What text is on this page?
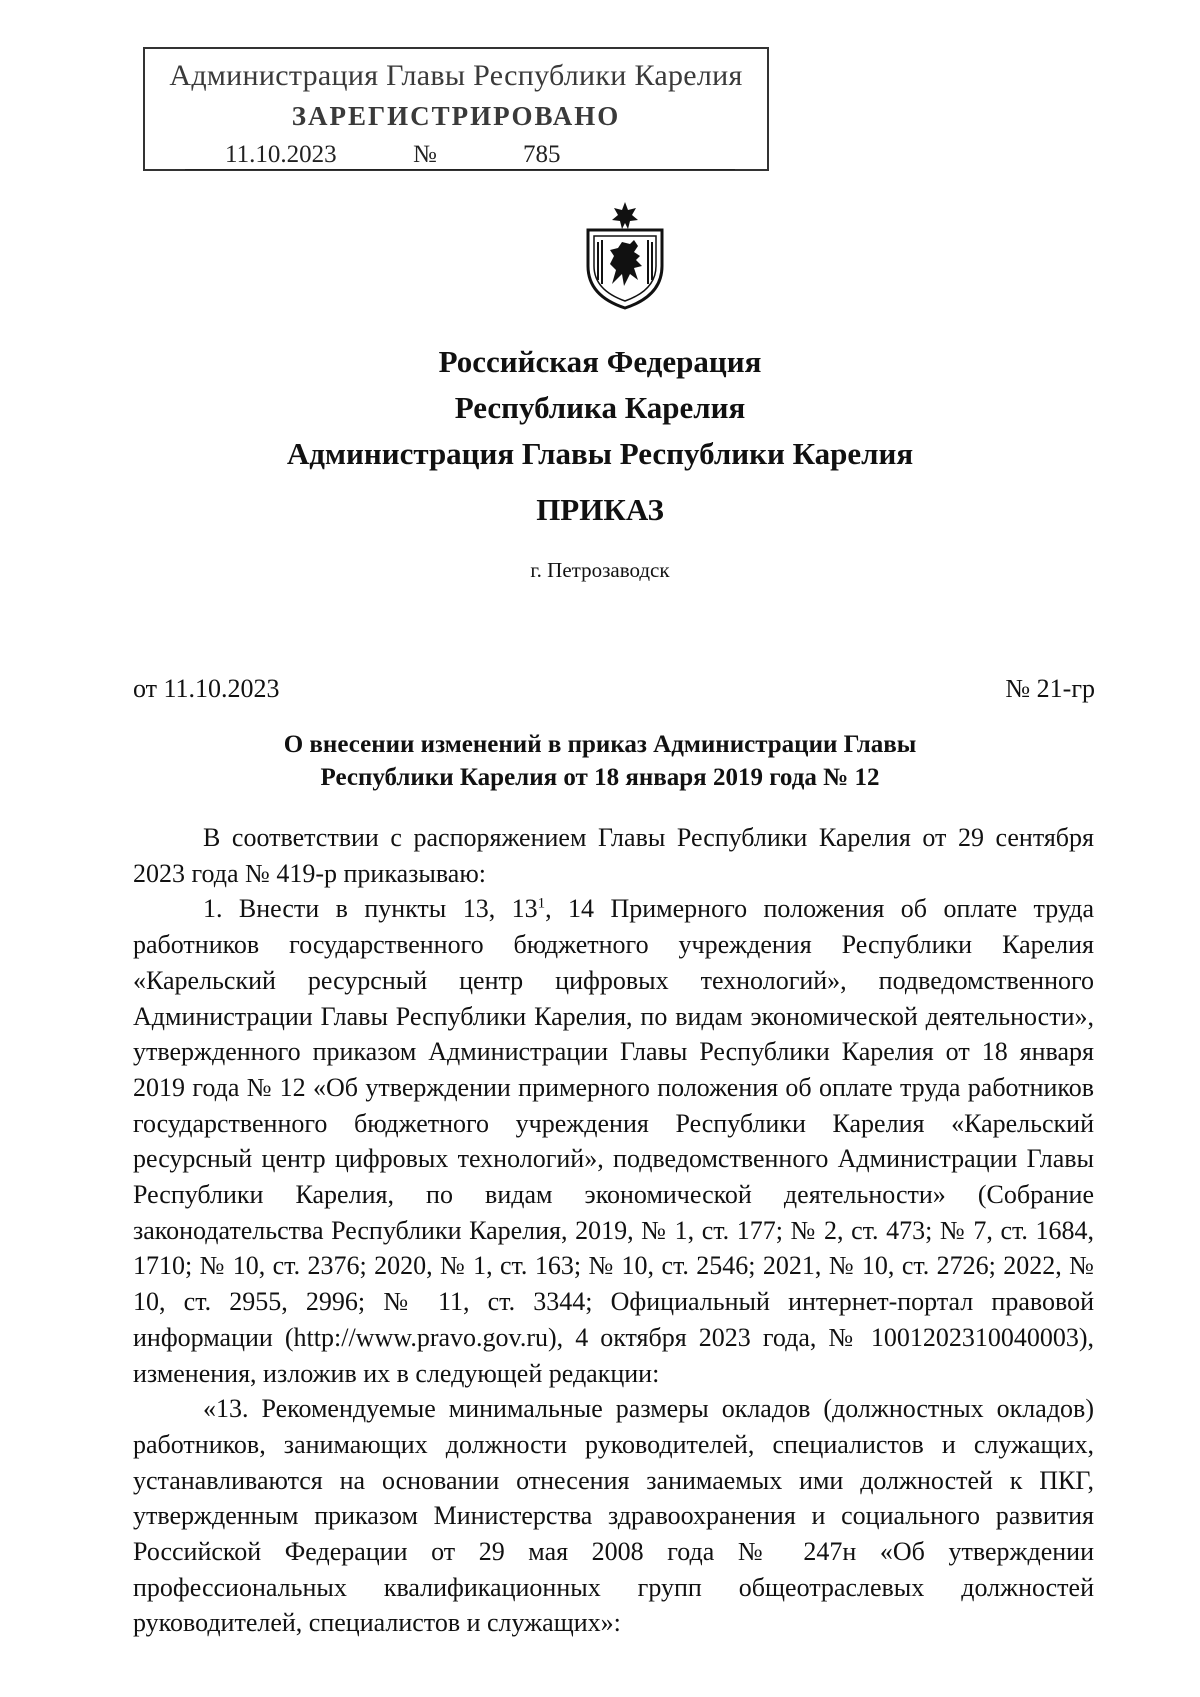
Администрация Главы Республики Карелия
ЗАРЕГИСТРИРОВАНО
11.10.2023	№	785
Российская Федерация
Республика Карелия
Администрация Главы Республики Карелия
ПРИКАЗ
г. Петрозаводск
от 11.10.2023	№ 21-гр
О внесении изменений в приказ Администрации Главы
Республики Карелия от 18 января 2019 года № 12

В соответствии с распоряжением Главы Республики Карелия от 29 сентября 2023 года № 419-р приказываю:

1. Внести в пункты 13, $13^1$, 14 Примерного положения об оплате труда работников государственного бюджетного учреждения Республики Карелия «Карельский ресурсный центр цифровых технологий», подведомственного Администрации Главы Республики Карелия, по видам экономической деятельности», утвержденного приказом Администрации Главы Республики Карелия от 18 января 2019 года № 12 «Об утверждении примерного положения об оплате труда работников государственного бюджетного учреждения Республики Карелия «Карельский ресурсный центр цифровых технологий», подведомственного Администрации Главы Республики Карелия, по видам экономической деятельности» (Собрание законодательства Республики Карелия, 2019, № 1, ст. 177; № 2, ст. 473; № 7, ст. 1684, 1710; № 10, ст. 2376; 2020, № 1, ст. 163; № 10, ст. 2546; 2021, № 10, ст. 2726; 2022, № 10, ст. 2955, 2996; № 11, ст. 3344; Официальный интернет-портал правовой информации (http://www.pravo.gov.ru), 4 октября 2023 года, № 1001202310040003), изменения, изложив их в следующей редакции:

«13. Рекомендуемые минимальные размеры окладов (должностных окладов) работников, занимающих должности руководителей, специалистов и служащих, устанавливаются на основании отнесения занимаемых ими должностей к ПКГ, утвержденным приказом Министерства здравоохранения и социального развития Российской Федерации от 29 мая 2008 года № 247н «Об утверждении профессиональных квалификационных групп общеотраслевых должностей руководителей, специалистов и служащих»:
